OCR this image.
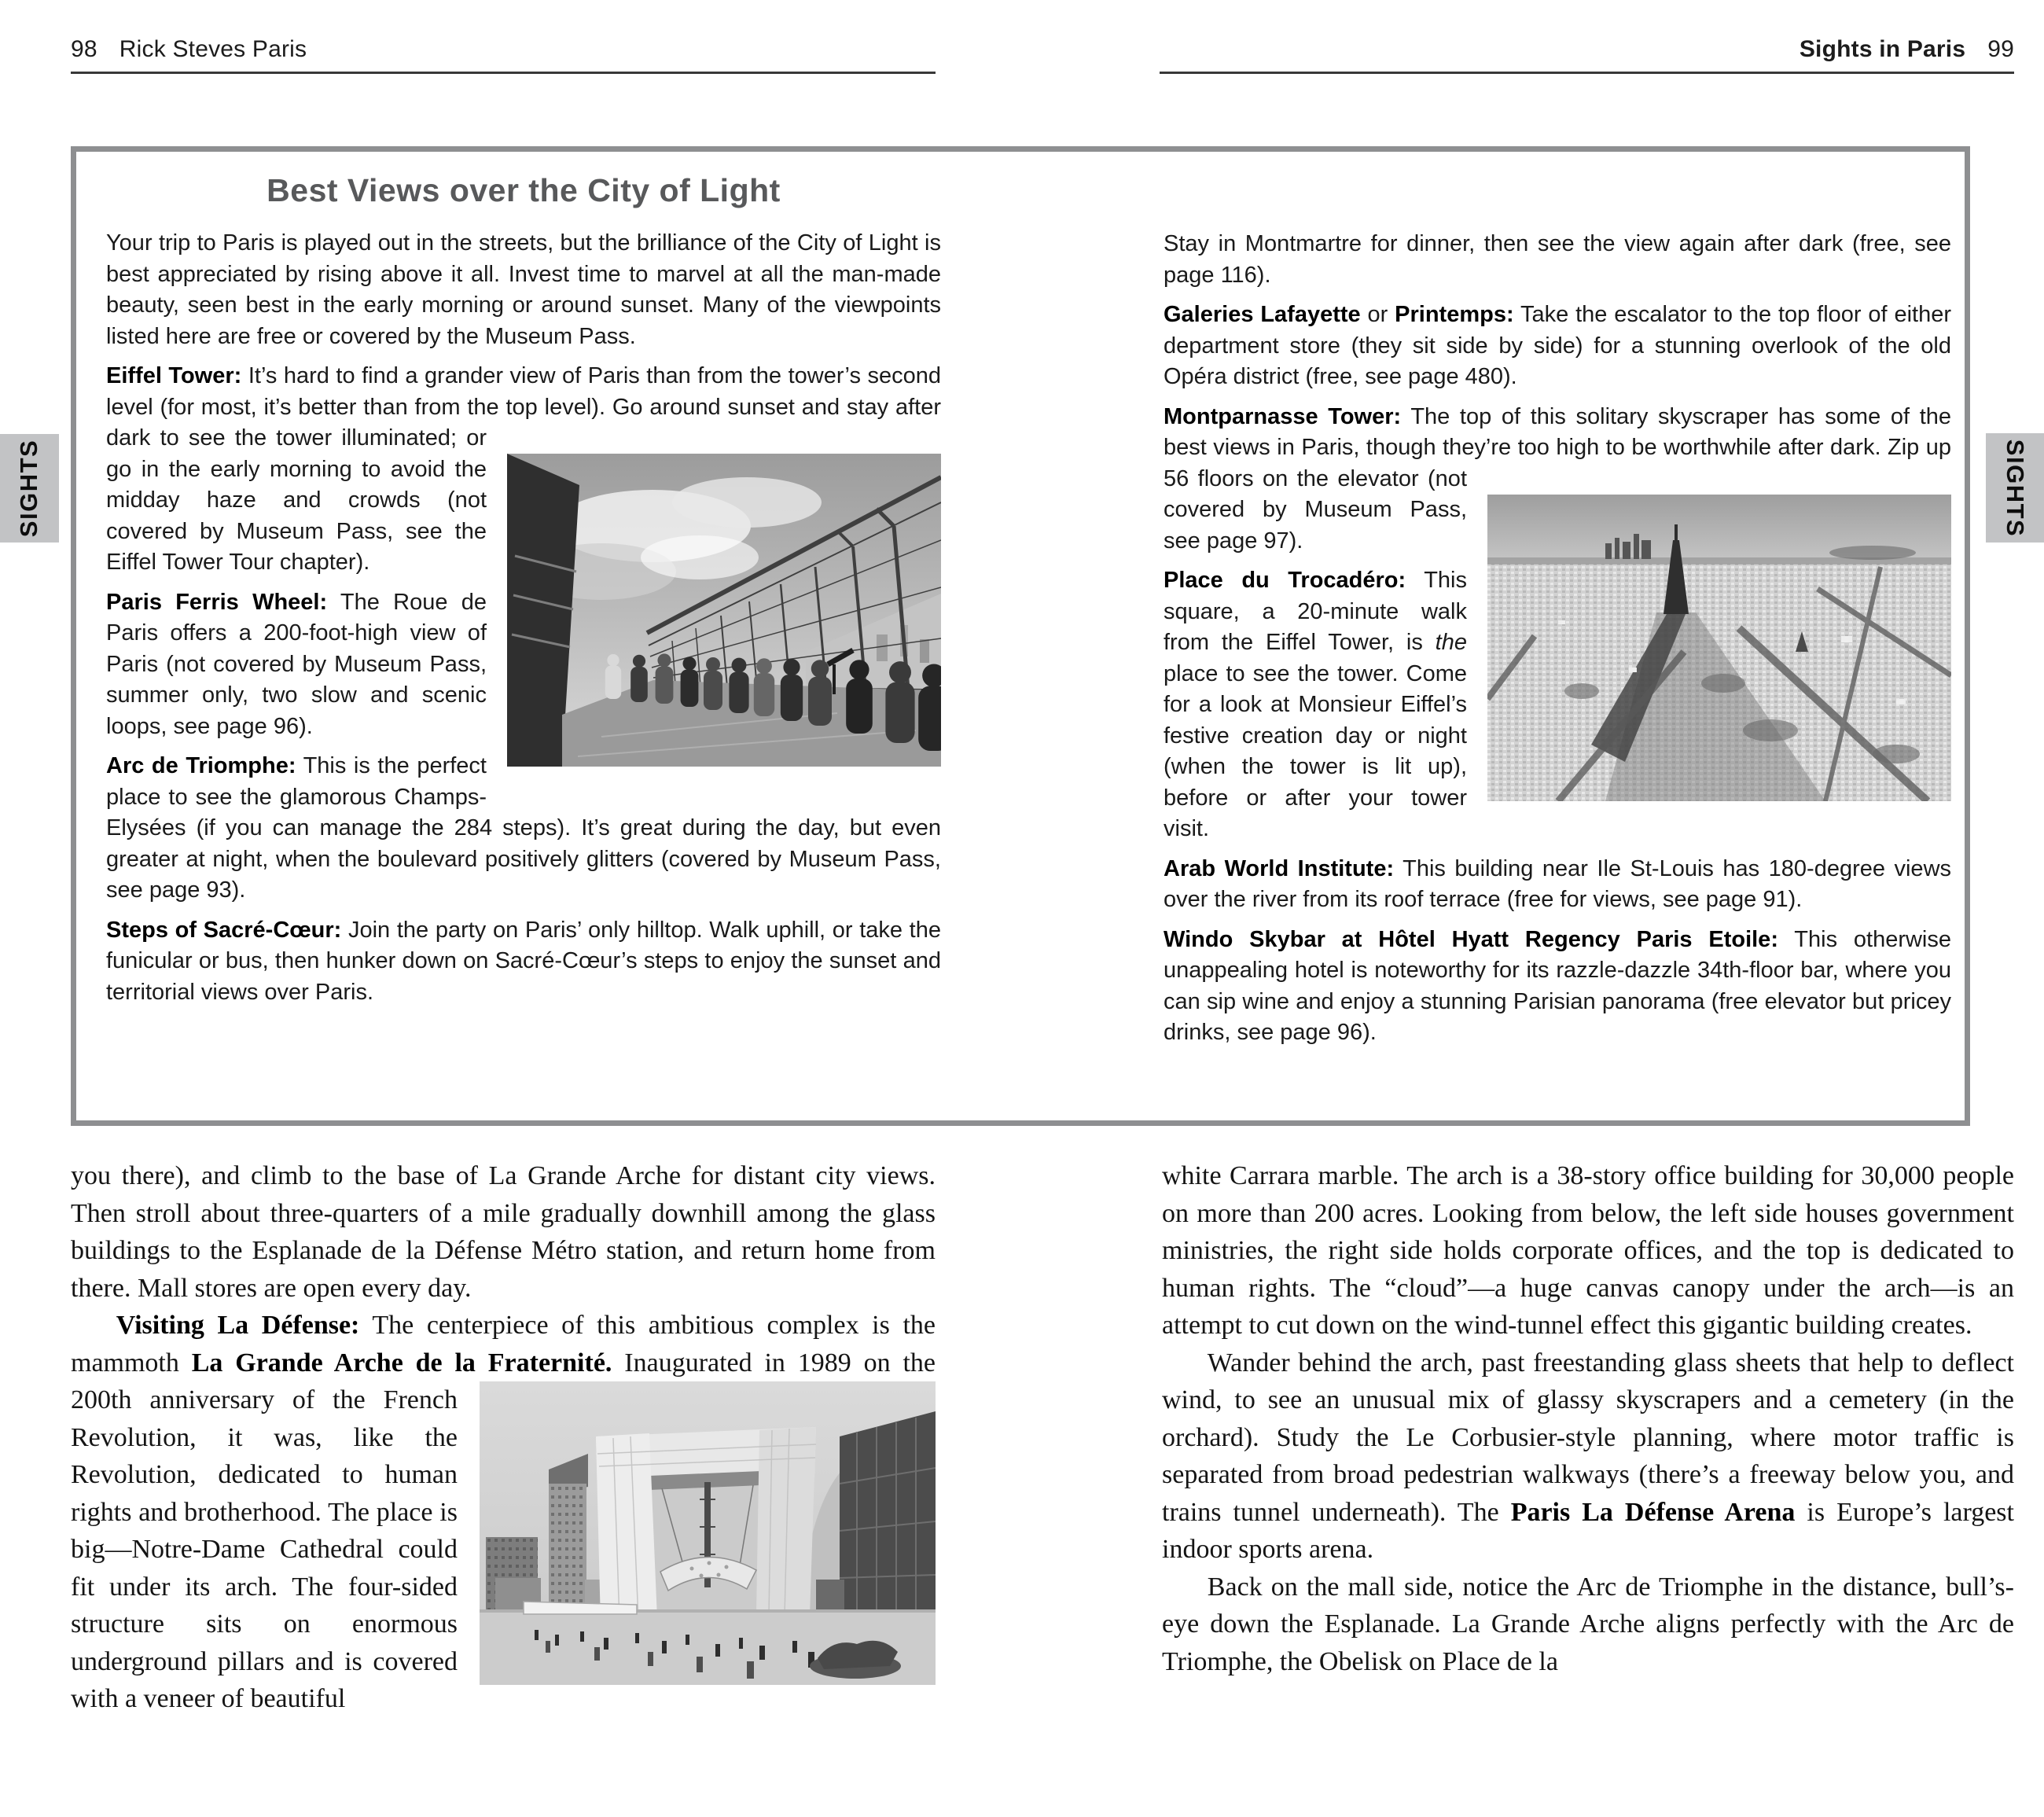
98 Rick Steves Paris	Sights in Paris 99
SIGHTS	SIGHTS
Best Views over the City of Light

Your trip to Paris is played out in the streets, but the brilliance of the City of Light is best appreciated by rising above it all. Invest time to marvel at all the man-made beauty, seen best in the early morning or around sunset. Many of the viewpoints listed here are free or covered by the Museum Pass.

Eiffel Tower: It’s hard to find a grander view of Paris than from the tower’s second level (for most, it’s better than from the top level). Go around sunset and stay after dark to see the tower illuminated; or go in the early morning to avoid the midday haze and crowds (not covered by Museum Pass, see the Eiffel Tower Tour chapter).

Paris Ferris Wheel: The Roue de Paris offers a 200-foot-high view of Paris (not covered by Museum Pass, summer only, two slow and scenic loops, see page 96).

Arc de Triomphe: This is the perfect place to see the glamorous Champs-Elysées (if you can manage the 284 steps). It’s great during the day, but even greater at night, when the boulevard positively glitters (covered by Museum Pass, see page 93).

Steps of Sacré-Cœur: Join the party on Paris’ only hilltop. Walk uphill, or take the funicular or bus, then hunker down on Sacré-Cœur’s steps to enjoy the sunset and territorial views over Paris.

Stay in Montmartre for dinner, then see the view again after dark (free, see page 116).

Galeries Lafayette or Printemps: Take the escalator to the top floor of either department store (they sit side by side) for a stunning overlook of the old Opéra district (free, see page 480).

Montparnasse Tower: The top of this solitary skyscraper has some of the best views in Paris, though they’re too high to be worthwhile after dark. Zip up 56 floors on the elevator (not covered by Museum Pass, see page 97).

Place du Trocadéro: This square, a 20-minute walk from the Eiffel Tower, is the place to see the tower. Come for a look at Monsieur Eiffel’s festive creation day or night (when the tower is lit up), before or after your tower visit.

Arab World Institute: This building near Ile St-Louis has 180-degree views over the river from its roof terrace (free for views, see page 91).

Windo Skybar at Hôtel Hyatt Regency Paris Etoile: This otherwise unappealing hotel is noteworthy for its razzle-dazzle 34th-floor bar, where you can sip wine and enjoy a stunning Parisian panorama (free elevator but pricey drinks, see page 96).

you there), and climb to the base of La Grande Arche for distant city views. Then stroll about three-quarters of a mile gradually downhill among the glass buildings to the Esplanade de la Défense Métro station, and return home from there. Mall stores are open every day.

Visiting La Défense: The centerpiece of this ambitious complex is the mammoth La Grande Arche de la Fraternité. Inaugurated in 1989 on the 200th anniversary of the French Revolution, it was, like the Revolution, dedicated to human rights and brotherhood. The place is big—Notre-Dame Cathedral could fit under its arch. The four-sided structure sits on enormous underground pillars and is covered with a veneer of beautiful

white Carrara marble. The arch is a 38-story office building for 30,000 people on more than 200 acres. Looking from below, the left side houses government ministries, the right side holds corporate offices, and the top is dedicated to human rights. The “cloud”—a huge canvas canopy under the arch—is an attempt to cut down on the wind-tunnel effect this gigantic building creates.

Wander behind the arch, past freestanding glass sheets that help to deflect wind, to see an unusual mix of glassy skyscrapers and a cemetery (in the orchard). Study the Le Corbusier-style planning, where motor traffic is separated from broad pedestrian walkways (there’s a freeway below you, and trains tunnel underneath). The Paris La Défense Arena is Europe’s largest indoor sports arena.

Back on the mall side, notice the Arc de Triomphe in the distance, bull’s-eye down the Esplanade. La Grande Arche aligns perfectly with the Arc de Triomphe, the Obelisk on Place de la
